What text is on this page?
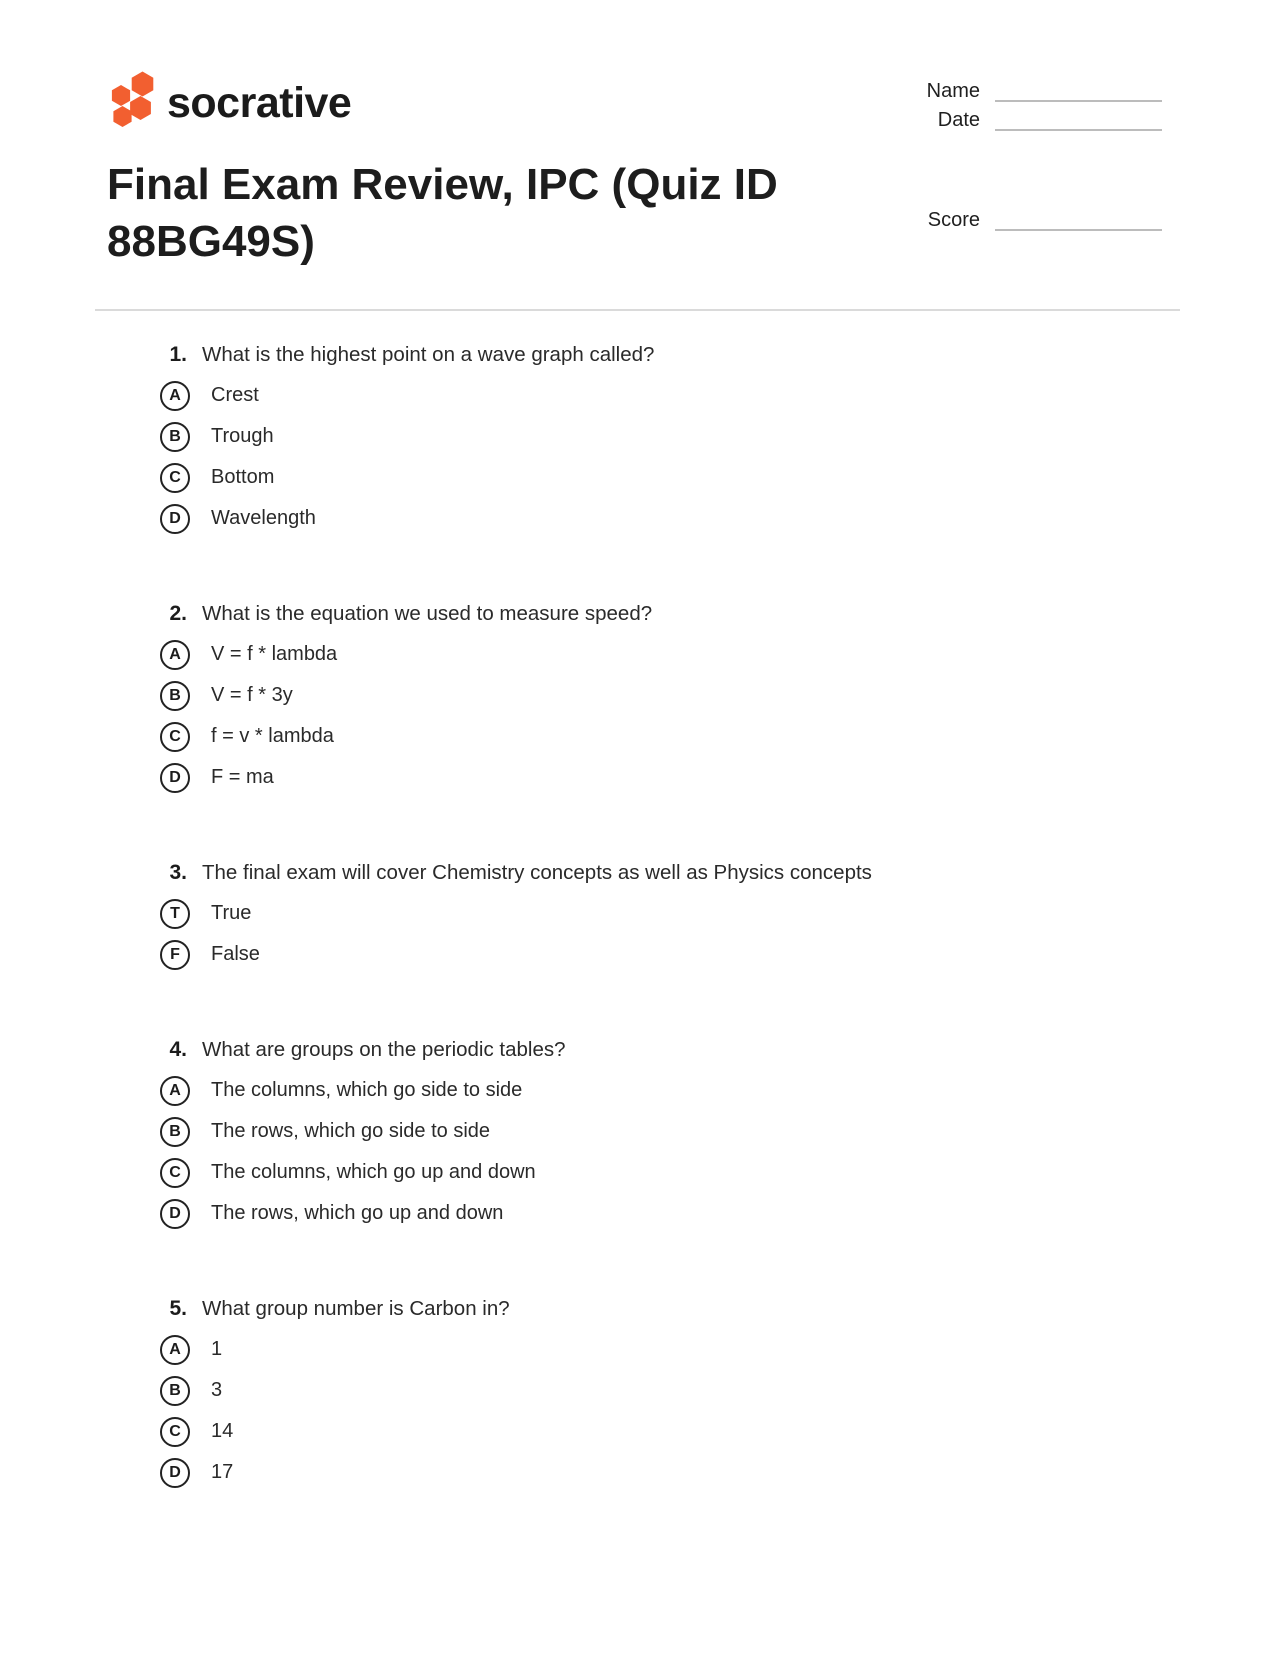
socrative	Name
Date
Final Exam Review, IPC (Quiz ID 88BG49S)	Score
1. What is the highest point on a wave graph called?
A	Crest
B	Trough
C	Bottom
D	Wavelength
2. What is the equation we used to measure speed?
A	V = f * lambda
B	V = f * 3y
C	f = v * lambda
D	F = ma
3. The final exam will cover Chemistry concepts as well as Physics concepts
T	True
F	False
4. What are groups on the periodic tables?
A	The columns, which go side to side
B	The rows, which go side to side
C	The columns, which go up and down
D	The rows, which go up and down
5. What group number is Carbon in?
A	1
B	3
C	14
D	17
